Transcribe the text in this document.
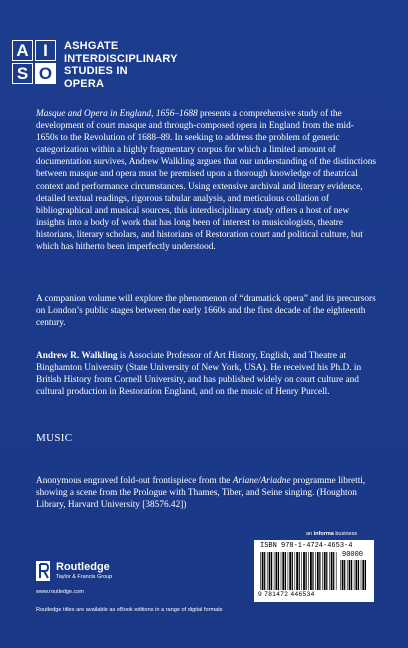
A I
S O
ASHGATE
INTERDISCIPLINARY
STUDIES IN
OPERA
Masque and Opera in England, 1656–1688 presents a comprehensive study of the development of court masque and through-composed opera in England from the mid-1650s to the Revolution of 1688–89. In seeking to address the problem of generic categorization within a highly fragmentary corpus for which a limited amount of documentation survives, Andrew Walkling argues that our understanding of the distinctions between masque and opera must be premised upon a thorough knowledge of theatrical context and performance circumstances. Using extensive archival and literary evidence, detailed textual readings, rigorous tabular analysis, and meticulous collation of bibliographical and musical sources, this interdisciplinary study offers a host of new insights into a body of work that has long been of interest to musicologists, theatre historians, literary scholars, and historians of Restoration court and political culture, but which has hitherto been imperfectly understood.
A companion volume will explore the phenomenon of “dramatick opera” and its precursors on London’s public stages between the early 1660s and the first decade of the eighteenth century.
Andrew R. Walkling is Associate Professor of Art History, English, and Theatre at Binghamton University (State University of New York, USA). He received his Ph.D. in British History from Cornell University, and has published widely on court culture and cultural production in Restoration England, and on the music of Henry Purcell.
MUSIC
Anonymous engraved fold-out frontispiece from the Ariane/Ariadne programme libretti, showing a scene from the Prologue with Thames, Tiber, and Seine singing. (Houghton Library, Harvard University [38576.42])
Routledge
Taylor & Francis Group
www.routledge.com
Routledge titles are available as eBook editions in a range of digital formats
an informa business
ISBN 978-1-4724-4653-4
90000
9 781472 446534
